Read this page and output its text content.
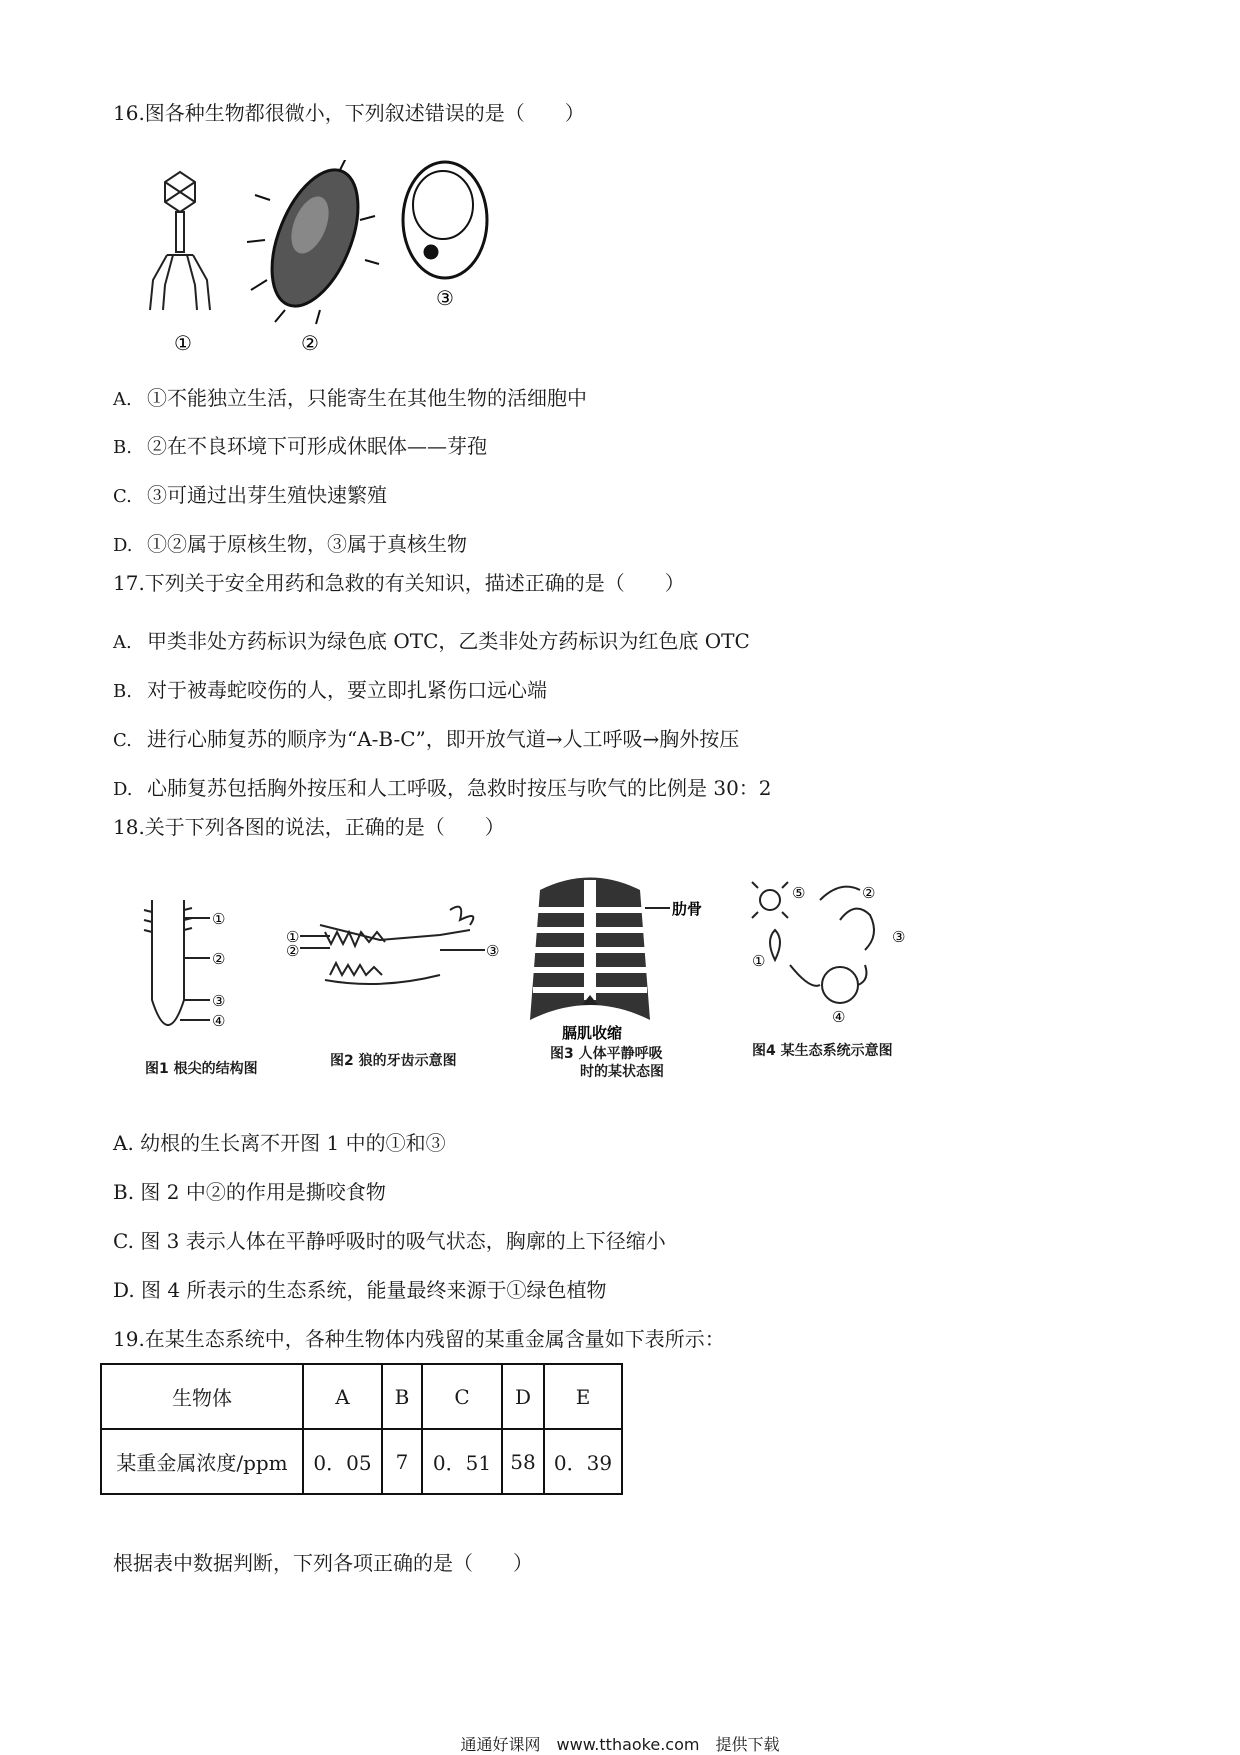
16.图各种生物都很微小，下列叙述错误的是（　　）
①	②
③
A. ①不能独立生活，只能寄生在其他生物的活细胞中
B. ②在不良环境下可形成休眠体——芽孢
C. ③可通过出芽生殖快速繁殖
D. ①②属于原核生物，③属于真核生物
17.下列关于安全用药和急救的有关知识，描述正确的是（　　）
A. 甲类非处方药标识为绿色底 OTC，乙类非处方药标识为红色底 OTC
B. 对于被毒蛇咬伤的人，要立即扎紧伤口远心端
C. 进行心肺复苏的顺序为“A-B-C”，即开放气道→人工呼吸→胸外按压
D. 心肺复苏包括胸外按压和人工呼吸，急救时按压与吹气的比例是 30：2
18.关于下列各图的说法，正确的是（　　）
①
②
③
④
①
②	③
肋骨
膈肌收缩
⑤	②
③
①
④
图1 根尖的结构图	图2 狼的牙齿示意图	图3 人体平静呼吸
时的某状态图
图4 某生态系统示意图
A. 幼根的生长离不开图 1 中的①和③
B. 图 2 中②的作用是撕咬食物
C. 图 3 表示人体在平静呼吸时的吸气状态，胸廓的上下径缩小
D. 图 4 所表示的生态系统，能量最终来源于①绿色植物
19.在某生态系统中，各种生物体内残留的某重金属含量如下表所示：
生物体	A	B	C	D	E
某重金属浓度/ppm	0．05	7	0．51	58	0．39
根据表中数据判断，下列各项正确的是（　　）
通通好课网　www.tthaoke.com　提供下载
